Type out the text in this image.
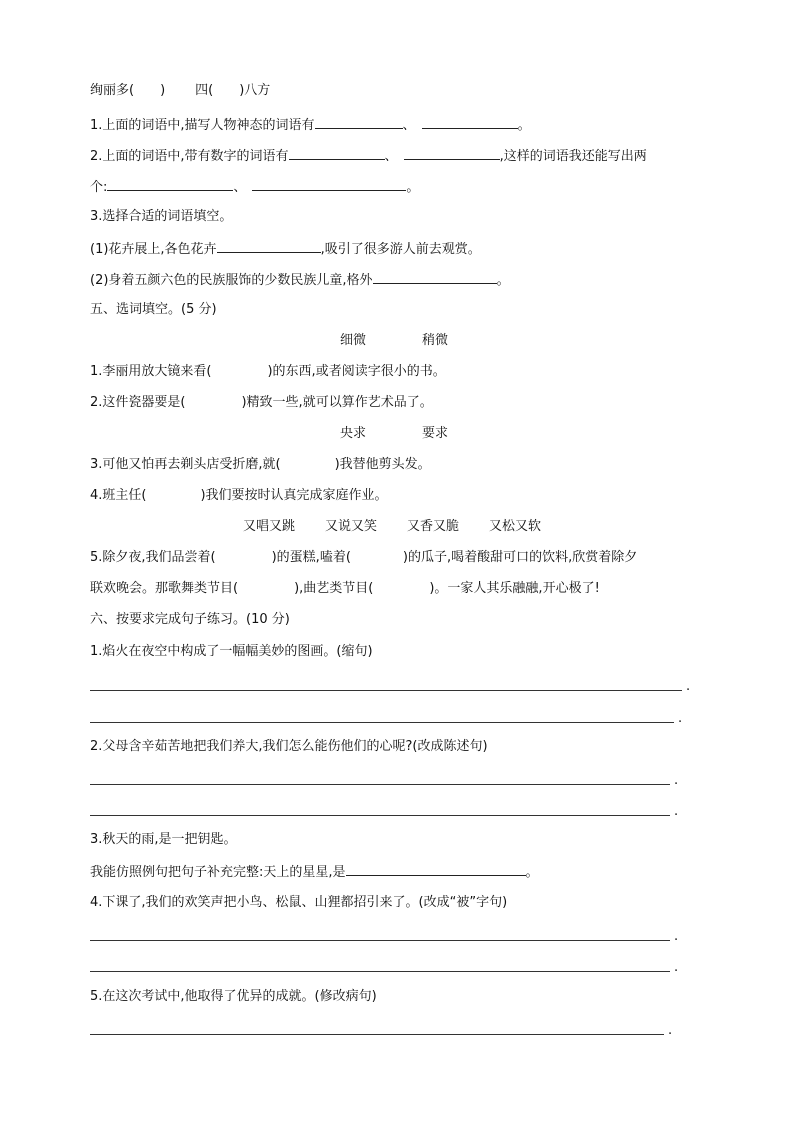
绚丽多( ) 四( )八方
1.上面的词语中,描写人物神态的词语有	、	。
2.上面的词语中,带有数字的词语有	、	,这样的词语我还能写出两
个:	、	。
3.选择合适的词语填空。
(1)花卉展上,各色花卉	,吸引了很多游人前去观赏。
(2)身着五颜六色的民族服饰的少数民族儿童,格外	。
五、选词填空。(5 分)
细微	稍微
1.李丽用放大镜来看(	)的东西,或者阅读字很小的书。
2.这件瓷器要是(	)精致一些,就可以算作艺术品了。
央求	要求
3.可他又怕再去剃头店受折磨,就(	)我替他剪头发。
4.班主任(	)我们要按时认真完成家庭作业。
又唱又跳 又说又笑 又香又脆 又松又软
5.除夕夜,我们品尝着(	)的蛋糕,嗑着(	)的瓜子,喝着酸甜可口的饮料,欣赏着除夕
联欢晚会。那歌舞类节目(	),曲艺类节目(	)。一家人其乐融融,开心极了!
六、按要求完成句子练习。(10 分)
1.焰火在夜空中构成了一幅幅美妙的图画。(缩句)
.
.
2.父母含辛茹苦地把我们养大,我们怎么能伤他们的心呢?(改成陈述句)
.
.
3.秋天的雨,是一把钥匙。
我能仿照例句把句子补充完整:天上的星星,是	。
4.下课了,我们的欢笑声把小鸟、松鼠、山狸都招引来了。(改成“被”字句)
.
.
5.在这次考试中,他取得了优异的成就。(修改病句)
.
